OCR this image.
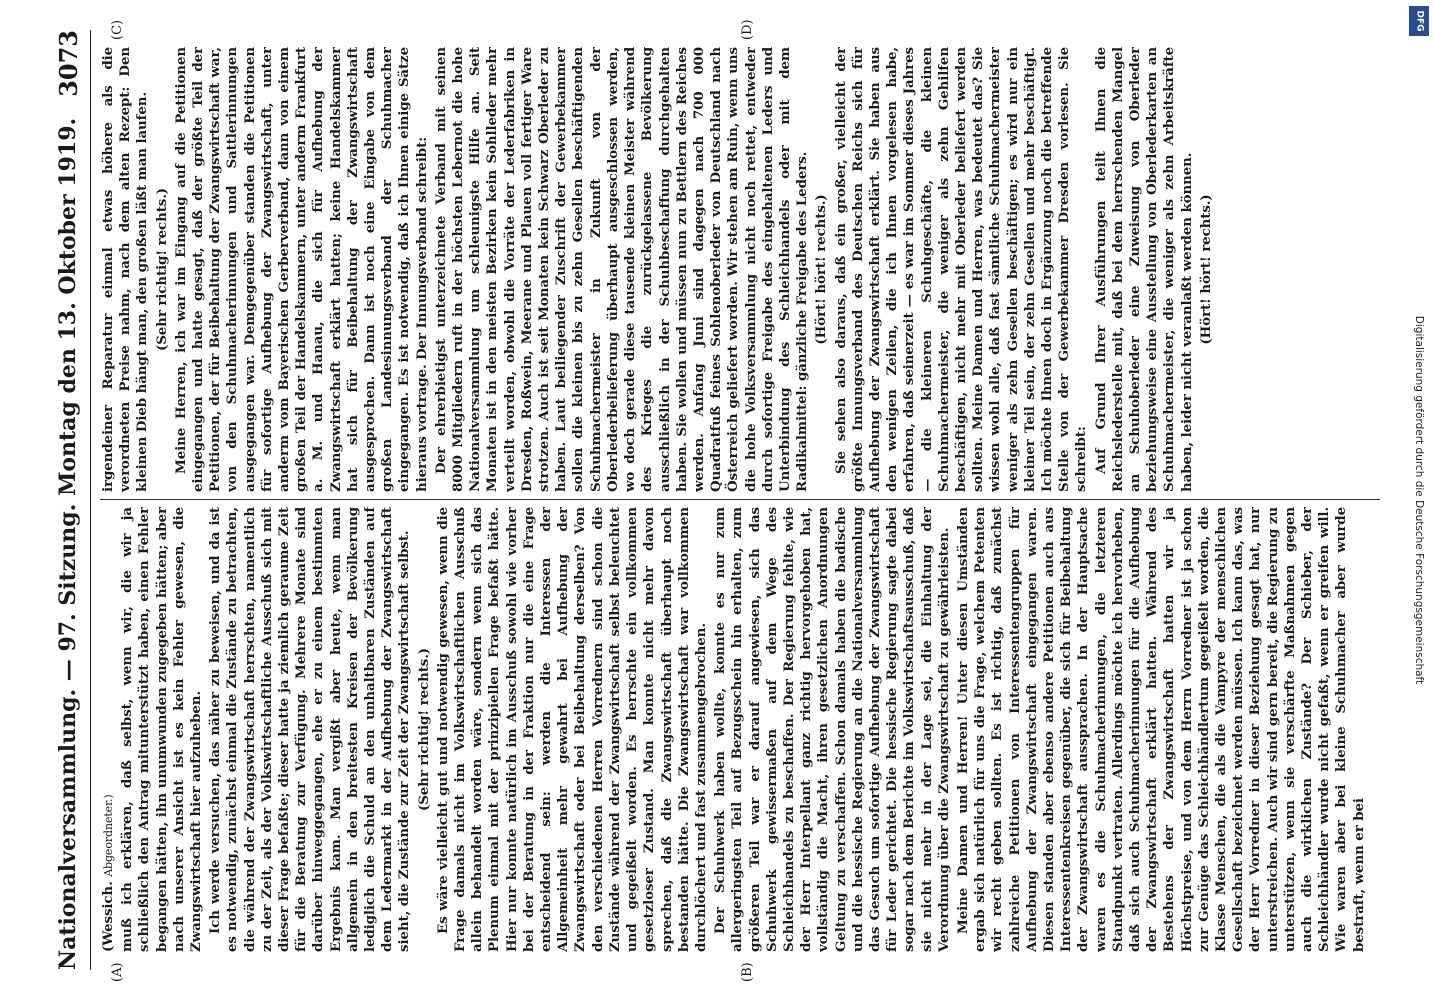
Nationalversammlung. — 97. Sitzung. Montag den 13. Oktober 1919.
3073
(A)	(B)
(C)	(D)

(Wessich. Abgeordneter.) muß ich erklären, daß selbst, wenn wir, die wir ja schließlich den Antrag mitunterstützt haben, einen Fehler begangen hätten, ihn unumwunden zugegeben hätten; aber nach unserer Ansicht ist es kein Fehler gewesen, die Zwangswirtschaft hier aufzuheben. Ich werde versuchen, das näher zu beweisen, und da ist es notwendig, zunächst einmal die Zustände zu betrachten, die während der Zwangswirtschaft herrschten, namentlich zu der Zeit, als der Volkswirtschaftliche Ausschuß sich mit dieser Frage befaßte; dieser hatte ja ziemlich geraume Zeit für die Beratung zur Verfügung. Mehrere Monate sind darüber hinweggegangen, ehe er zu einem bestimmten Ergebnis kam. Man vergißt aber heute, wenn man allgemein in den breitesten Kreisen der Bevölkerung lediglich die Schuld an den unhaltbaren Zuständen auf dem Ledermarkt in der Aufhebung der Zwangswirtschaft sieht, die Zustände zur Zeit der Zwangswirtschaft selbst. (Sehr richtig! rechts.) Es wäre vielleicht gut und notwendig gewesen, wenn die Frage damals nicht im Volkswirtschaftlichen Ausschuß allein behandelt worden wäre, sondern wenn sich das Plenum einmal mit der prinzipiellen Frage befaßt hätte. Hier nur konnte natürlich im Ausschuß sowohl wie vorher bei der Beratung in der Fraktion nur die eine Frage entscheidend sein: werden die Interessen der Allgemeinheit mehr gewahrt bei Aufhebung der Zwangswirtschaft oder bei Beibehaltung derselben? Von den verschiedenen Herren Vorrednern sind schon die Zustände während der Zwangswirtschaft selbst beleuchtet und gegeißelt worden. Es herrschte ein vollkommen gesetzloser Zustand. Man konnte nicht mehr davon sprechen, daß die Zwangswirtschaft überhaupt noch bestanden hätte. Die Zwangswirtschaft war vollkommen durchlöchert und fast zusammengebrochen. Der Schuhwerk haben wollte, konnte es nur zum allergeringsten Teil auf Bezugsschein hin erhalten, zum größeren Teil war er darauf angewiesen, sich das Schuhwerk gewissermaßen auf dem Wege des Schleichhandels zu beschaffen. Der Regierung fehlte, wie der Herr Interpellant ganz richtig hervorgehoben hat, vollständig die Macht, ihren gesetzlichen Anordnungen Geltung zu verschaffen. Schon damals haben die badische und die hessische Regierung an die Nationalversammlung das Gesuch um sofortige Aufhebung der Zwangswirtschaft für Leder gerichtet. Die hessische Regierung sagte dabei sogar nach dem Berichte im Volkswirtschaftsausschuß, daß sie nicht mehr in der Lage sei, die Einhaltung der Verordnung über die Zwangswirtschaft zu gewährleisten. Meine Damen und Herren! Unter diesen Umständen ergab sich natürlich für uns die Frage, welchem Petenten wir recht geben sollten. Es ist richtig, daß zunächst zahlreiche Petitionen von Interessentengruppen für Aufhebung der Zwangswirtschaft eingegangen waren. Diesen standen aber ebenso andere Petitionen auch aus Interessentenkreisen gegenüber, die sich für Beibehaltung der Zwangswirtschaft aussprachen. In der Hauptsache waren es die Schuhmacherinnungen, die letzteren Standpunkt vertraten. Allerdings möchte ich hervorheben, daß sich auch Schuhmacherinnungen für die Aufhebung der Zwangswirtschaft erklärt hatten. Während des Bestehens der Zwangswirtschaft hatten wir ja Höchstpreise, und von dem Herrn Vorredner ist ja schon zur Genüge das Schleichhändlertum gegeißelt worden, die Klasse Menschen, die als die Vampyre der menschlichen Gesellschaft bezeichnet werden müssen. Ich kann das, was der Herr Vorredner in dieser Beziehung gesagt hat, nur unterstreichen. Auch wir sind gern bereit, die Regierung zu unterstützen, wenn sie verschärfte Maßnahmen gegen auch die wirklichen Zustände? Der Schieber, der Schleichhändler wurde nicht gefaßt, wenn er greifen will. Wie waren aber bei kleine Schuhmacher aber wurde bestraft, wenn er bei

irgendeiner Reparatur einmal etwas höhere als die verordneten Preise nahm, nach dem alten Rezept: Den kleinen Dieb hängt man, den großen läßt man laufen. (Sehr richtig! rechts.) Meine Herren, ich war im Eingang auf die Petitionen eingegangen und hatte gesagt, daß der größte Teil der Petitionen, der für Beibehaltung der Zwangswirtschaft war, von den Schuhmacherinnungen und Sattlerinnungen ausgegangen war. Demgegenüber standen die Petitionen für sofortige Aufhebung der Zwangswirtschaft, unter anderm vom Bayerischen Gerberverband, dann von einem großen Teil der Handelskammern, unter anderm Frankfurt a. M. und Hanau, die sich für Aufhebung der Zwangswirtschaft erklärt hatten; keine Handelskammer hat sich für Beibehaltung der Zwangswirtschaft ausgesprochen. Dann ist noch eine Eingabe von dem großen Landesinnungsverband der Schuhmacher eingegangen. Es ist notwendig, daß ich Ihnen einige Sätze hieraus vortrage. Der Innungsverband schreibt: Der ehrerbietigst unterzeichnete Verband mit seinen 8000 Mitgliedern ruft in der höchsten Lebernot die hohe Nationalversammlung um schleunigste Hilfe an. Seit Monaten ist in den meisten Bezirken kein Sohlleder mehr verteilt worden, obwohl die Vorräte der Lederfabriken in Dresden, Roßwein, Meerane und Plauen voll fertiger Ware strotzen. Auch ist seit Monaten kein Schwarz Oberleder zu haben. Laut beiliegender Zuschrift der Gewerbekammer sollen die kleinen bis zu zehn Gesellen beschäftigenden Schuhmachermeister in Zukunft von der Oberlederbelieferung überhaupt ausgeschlossen werden, wo doch gerade diese tausende kleinen Meister während des Krieges die zurückgelassene Bevölkerung ausschließlich in der Schuhbeschaffung durchgehalten haben. Sie wollen und müssen nun zu Bettlern des Reiches werden. Anfang Juni sind dagegen nach 700 000 Quadratfuß feines Sohlenoberleder von Deutschland nach Österreich geliefert worden. Wir stehen am Ruin, wenn uns die hohe Volksversammlung nicht noch rettet, entweder durch sofortige Freigabe des eingehaltenen Leders und Unterbindung des Schleichhandels oder mit dem Radikalmittel: gänzliche Freigabe des Leders. (Hört! hört! rechts.) Sie sehen also daraus, daß ein großer, vielleicht der größte Innungsverband des Deutschen Reichs sich für Aufhebung der Zwangswirtschaft erklärt. Sie haben aus den wenigen Zeilen, die ich Ihnen vorgelesen habe, erfahren, daß seinerzeit — es war im Sommer dieses Jahres — die kleineren Schuhgeschäfte, die kleinen Schuhmachermeister, die weniger als zehn Gehilfen beschäftigen, nicht mehr mit Oberleder beliefert werden sollten. Meine Damen und Herren, was bedeutet das? Sie wissen wohl alle, daß fast sämtliche Schuhmachermeister weniger als zehn Gesellen beschäftigen; es wird nur ein kleiner Teil sein, der zehn Gesellen und mehr beschäftigt. Ich möchte Ihnen doch in Ergänzung noch die betreffende Stelle von der Gewerbekammer Dresden vorlesen. Sie schreibt: Auf Grund Ihrer Ausführungen teilt Ihnen die Reichslederstelle mit, daß bei dem herrschenden Mangel an Schuhoberleder eine Zuweisung von Oberleder beziehungsweise eine Ausstellung von Oberlederkarten an Schuhmachermeister, die weniger als zehn Arbeitskräfte haben, leider nicht veranlaßt werden können. (Hört! hört! rechts.)

DFG
Digitalisierung gefördert durch die Deutsche Forschungsgemeinschaft
